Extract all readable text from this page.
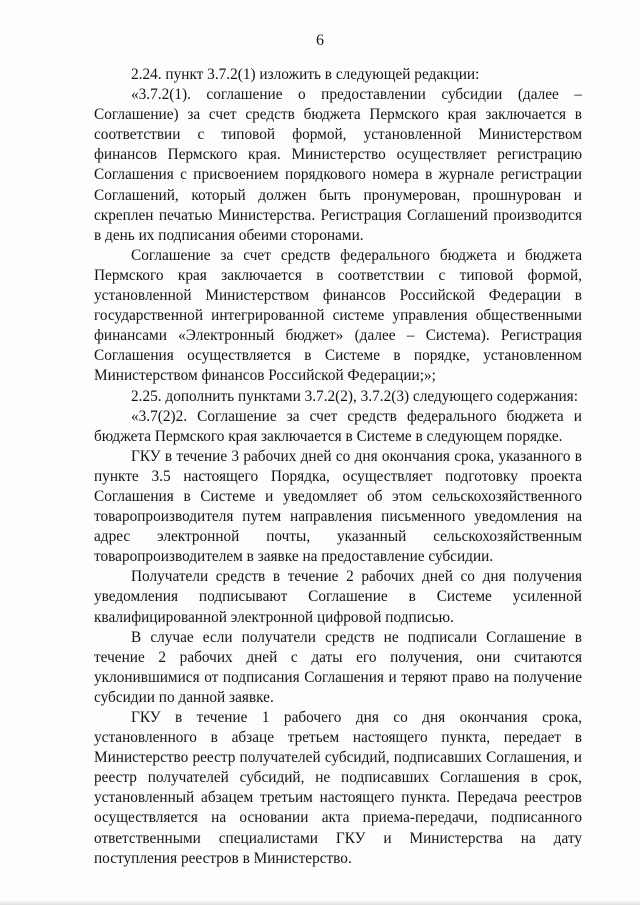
6

2.24. пункт 3.7.2(1) изложить в следующей редакции:

«3.7.2(1). соглашение о предоставлении субсидии (далее – Соглашение) за счет средств бюджета Пермского края заключается в соответствии с типовой формой, установленной Министерством финансов Пермского края. Министерство осуществляет регистрацию Соглашения с присвоением порядкового номера в журнале регистрации Соглашений, который должен быть пронумерован, прошнурован и скреплен печатью Министерства. Регистрация Соглашений производится в день их подписания обеими сторонами.

Соглашение за счет средств федерального бюджета и бюджета Пермского края заключается в соответствии с типовой формой, установленной Министерством финансов Российской Федерации в государственной интегрированной системе управления общественными финансами «Электронный бюджет» (далее – Система). Регистрация Соглашения осуществляется в Системе в порядке, установленном Министерством финансов Российской Федерации;»;

2.25. дополнить пунктами 3.7.2(2), 3.7.2(3) следующего содержания:

«3.7(2)2. Соглашение за счет средств федерального бюджета и бюджета Пермского края заключается в Системе в следующем порядке.

ГКУ в течение 3 рабочих дней со дня окончания срока, указанного в пункте 3.5 настоящего Порядка, осуществляет подготовку проекта Соглашения в Системе и уведомляет об этом сельскохозяйственного товаропроизводителя путем направления письменного уведомления на адрес электронной почты, указанный сельскохозяйственным товаропроизводителем в заявке на предоставление субсидии.

Получатели средств в течение 2 рабочих дней со дня получения уведомления подписывают Соглашение в Системе усиленной квалифицированной электронной цифровой подписью.

В случае если получатели средств не подписали Соглашение в течение 2 рабочих дней с даты его получения, они считаются уклонившимися от подписания Соглашения и теряют право на получение субсидии по данной заявке.

ГКУ в течение 1 рабочего дня со дня окончания срока, установленного в абзаце третьем настоящего пункта, передает в Министерство реестр получателей субсидий, подписавших Соглашения, и реестр получателей субсидий, не подписавших Соглашения в срок, установленный абзацем третьим настоящего пункта. Передача реестров осуществляется на основании акта приема-передачи, подписанного ответственными специалистами ГКУ и Министерства на дату поступления реестров в Министерство.
